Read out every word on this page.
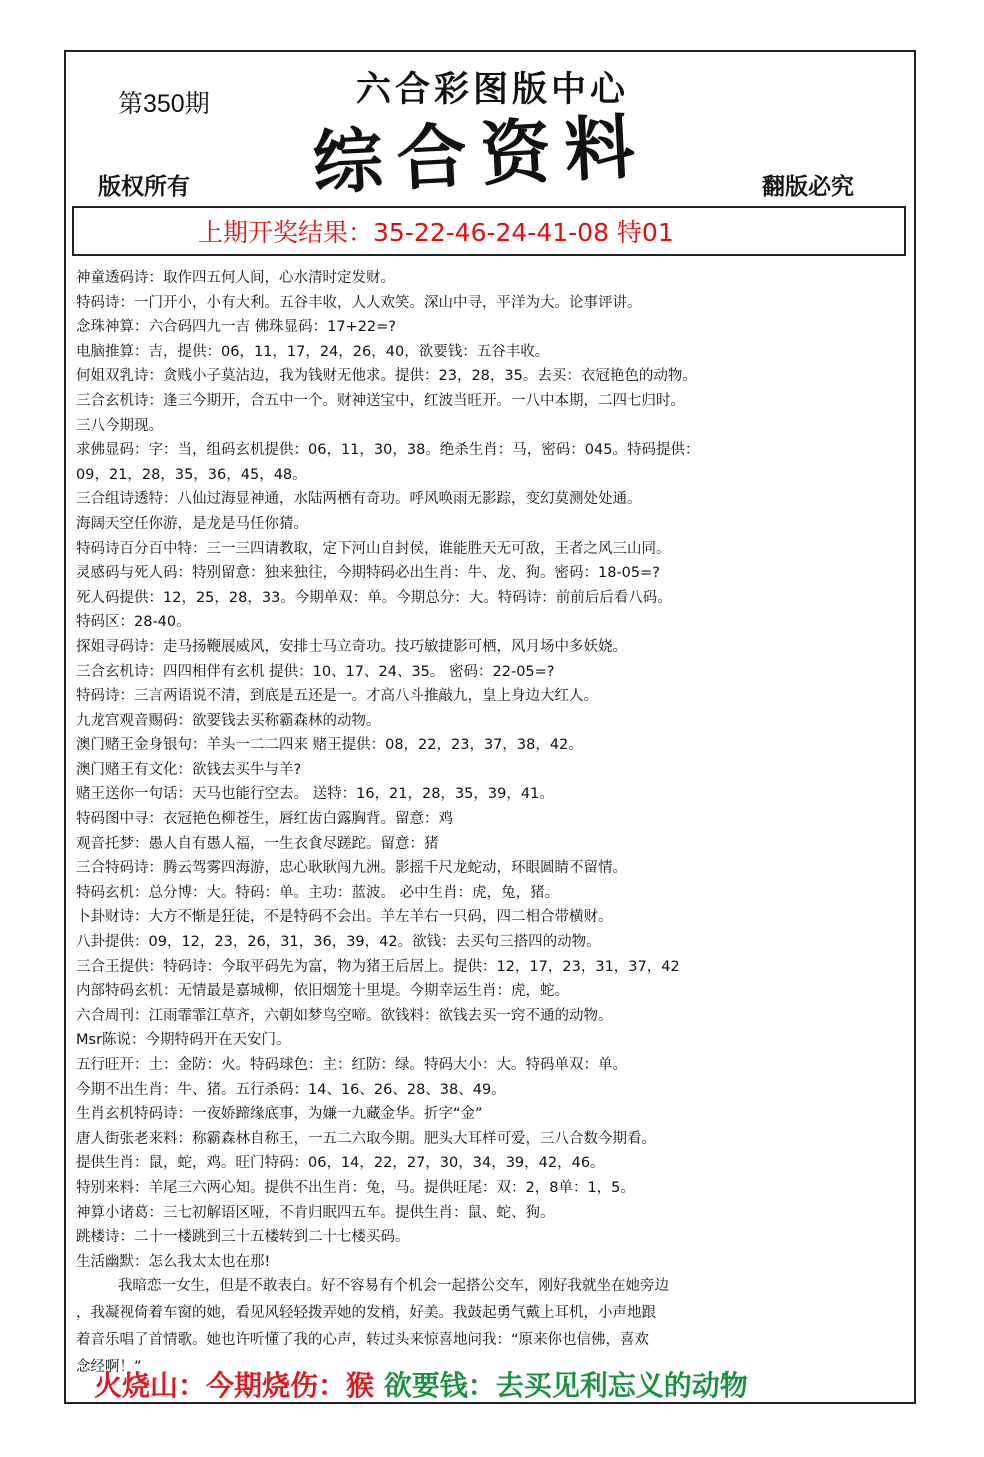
第350期	六合彩图版中心
综合资料
版权所有	翻版必究
上期开奖结果：35-22-46-24-41-08 特01
神童透码诗：取作四五何人间，心水清时定发财。
特码诗：一门开小，小有大利。五谷丰收，人人欢笑。深山中寻，平洋为大。论事评讲。
念珠神算：六合码四九一吉 佛珠显码：17+22=?
电脑推算：吉，提供：06，11，17，24，26，40，欲要钱：五谷丰收。
何姐双乳诗：贪贱小子莫沾边，我为钱财无他求。提供：23，28，35。去买：衣冠艳色的动物。
三合玄机诗：逢三今期开，合五中一个。财神送宝中，红波当旺开。一八中本期，二四七归时。
三八今期现。
求佛显码：字：当，组码玄机提供：06，11，30，38。绝杀生肖：马，密码：045。特码提供：
09，21，28，35，36，45，48。
三合组诗透特：八仙过海显神通，水陆两栖有奇功。呼风唤雨无影踪，变幻莫测处处通。
海阔天空任你游，是龙是马任你猜。
特码诗百分百中特：三一三四请教取，定下河山自封侯，谁能胜天无可敌，王者之风三山同。
灵感码与死人码：特别留意：独来独往，今期特码必出生肖：牛、龙、狗。密码：18-05=?
死人码提供：12，25，28，33。今期单双：单。今期总分：大。特码诗：前前后后看八码。
特码区：28-40。
探姐寻码诗：走马扬鞭展威风，安排士马立奇功。技巧敏捷影可栖，风月场中多妖娆。
三合玄机诗：四四相伴有玄机 提供：10、17、24、35。 密码：22-05=?
特码诗：三言两语说不清，到底是五还是一。才高八斗推敲九，皇上身边大红人。
九龙宫观音赐码：欲要钱去买称霸森林的动物。
澳门赌王金身银句：羊头一二二四来 赌王提供：08，22，23，37，38，42。
澳门赌王有文化：欲钱去买牛与羊?
赌王送你一句话：天马也能行空去。 送特：16，21，28，35，39，41。
特码图中寻：衣冠艳色柳苍生，唇红齿白露胸背。留意：鸡
观音托梦：愚人自有愚人福，一生衣食尽蹉跎。留意：猪
三合特码诗：腾云驾雾四海游，忠心耿耿闯九洲。影摇千尺龙蛇动，环眼圆睛不留情。
特码玄机：总分博：大。特码：单。主功：蓝波。 必中生肖：虎，兔，猪。
卜卦财诗：大方不惭是狂徒，不是特码不会出。羊左羊右一只码，四二相合带横财。
八卦提供：09，12，23，26，31，36，39，42。欲钱：去买句三搭四的动物。
三合王提供：特码诗：今取平码先为富，物为猪王后居上。提供：12，17，23，31，37，42
内部特码玄机：无情最是嘉城柳，依旧烟笼十里堤。今期幸运生肖：虎，蛇。
六合周刊：江雨霏霏江草齐，六朝如梦鸟空啼。欲钱料：欲钱去买一窍不通的动物。
Msr陈说：今期特码开在天安门。
五行旺开：土：金防：火。特码球色：主：红防：绿。特码大小：大。特码单双：单。
今期不出生肖：牛、猪。五行杀码：14、16、26、28、38、49。
生肖玄机特码诗：一夜娇蹄缘底事，为嫌一九藏金华。折字“金”
唐人街张老来料：称霸森林自称王，一五二六取今期。肥头大耳样可爱，三八合数今期看。
提供生肖：鼠，蛇，鸡。旺门特码：06，14，22，27，30，34，39，42，46。
特别来料：羊尾三六两心知。提供不出生肖：兔，马。提供旺尾：双：2，8单：1，5。
神算小诸葛：三七初解语区哑，不肯归眠四五车。提供生肖：鼠、蛇、狗。
跳楼诗：二十一楼跳到三十五楼转到二十七楼买码。
生活幽默：怎么我太太也在那!
我暗恋一女生，但是不敢表白。好不容易有个机会一起搭公交车，刚好我就坐在她旁边
，我凝视倚着车窗的她，看见风轻轻拨弄她的发梢，好美。我鼓起勇气戴上耳机，小声地跟
着音乐唱了首情歌。她也许听懂了我的心声，转过头来惊喜地问我：“原来你也信佛，喜欢
念经啊！”
火烧山：今期烧伤：猴 欲要钱：去买见利忘义的动物
